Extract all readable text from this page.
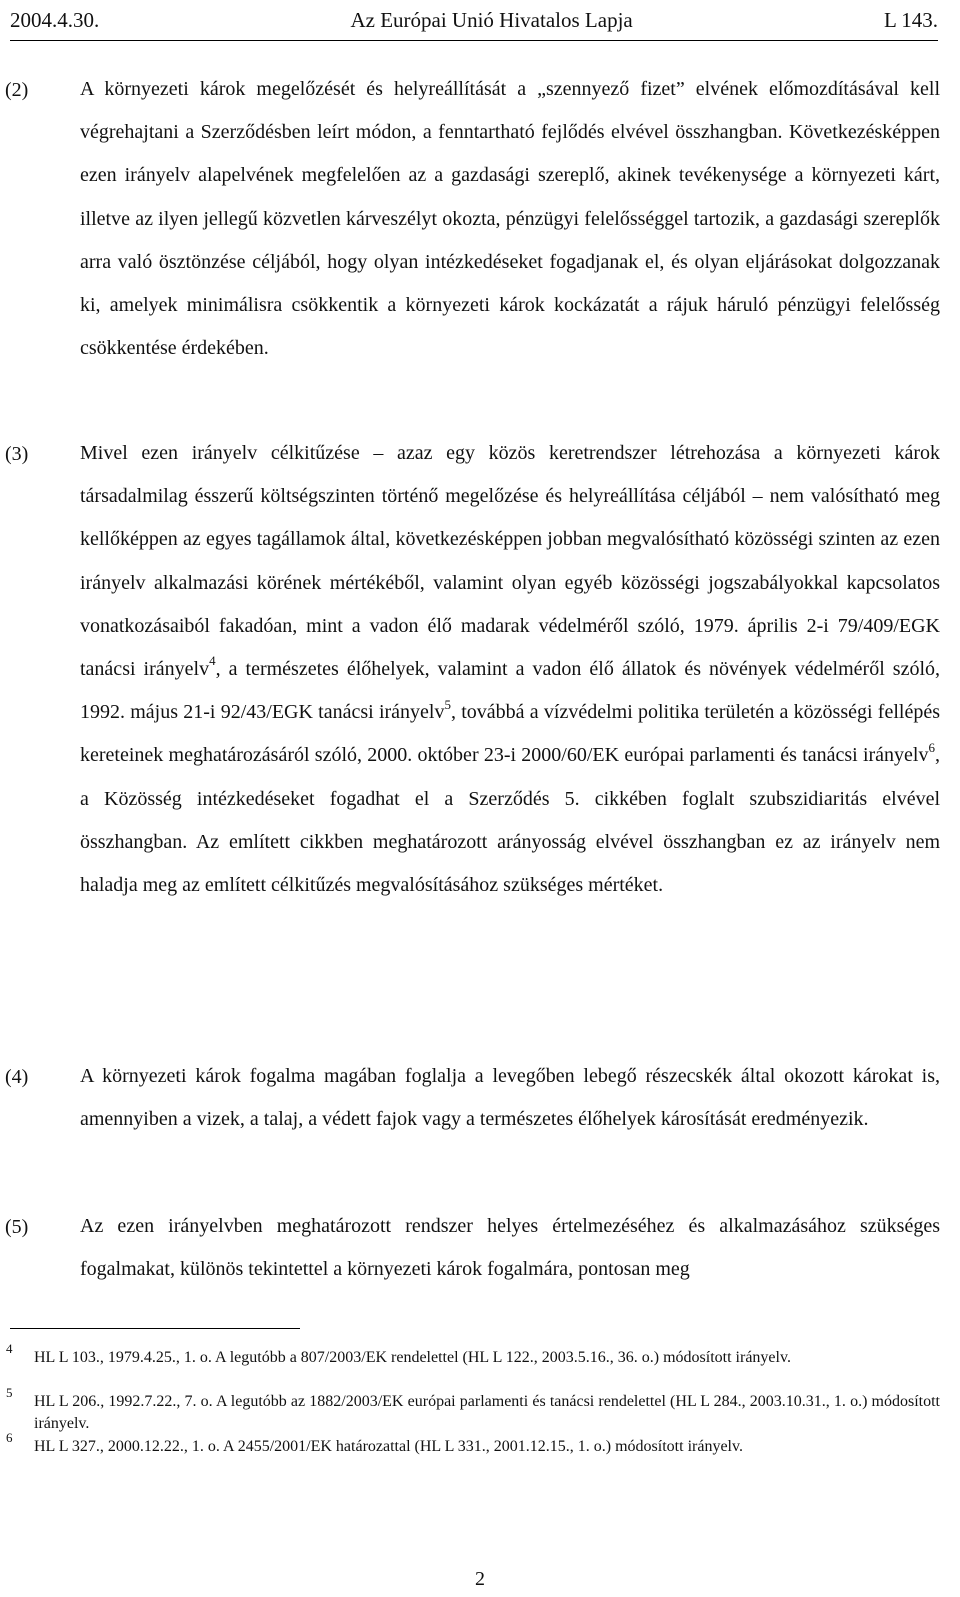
2004.4.30.	Az Európai Unió Hivatalos Lapja	L 143.
(2)	A környezeti károk megelőzését és helyreállítását a „szennyező fizet” elvének előmozdításával kell végrehajtani a Szerződésben leírt módon, a fenntartható fejlődés elvével összhangban. Következésképpen ezen irányelv alapelvének megfelelően az a gazdasági szereplő, akinek tevékenysége a környezeti kárt, illetve az ilyen jellegű közvetlen kárveszélyt okozta, pénzügyi felelősséggel tartozik, a gazdasági szereplők arra való ösztönzése céljából, hogy olyan intézkedéseket fogadjanak el, és olyan eljárásokat dolgozzanak ki, amelyek minimálisra csökkentik a környezeti károk kockázatát a rájuk háruló pénzügyi felelősség csökkentése érdekében.

(3)	Mivel ezen irányelv célkitűzése – azaz egy közös keretrendszer létrehozása a környezeti károk társadalmilag ésszerű költségszinten történő megelőzése és helyreállítása céljából – nem valósítható meg kellőképpen az egyes tagállamok által, következésképpen jobban megvalósítható közösségi szinten az ezen irányelv alkalmazási körének mértékéből, valamint olyan egyéb közösségi jogszabályokkal kapcsolatos vonatkozásaiból fakadóan, mint a vadon élő madarak védelméről szóló, 1979. április 2-i 79/409/EGK tanácsi irányelv$^4$, a természetes élőhelyek, valamint a vadon élő állatok és növények védelméről szóló, 1992. május 21-i 92/43/EGK tanácsi irányelv$^5$, továbbá a vízvédelmi politika területén a közösségi fellépés kereteinek meghatározásáról szóló, 2000. október 23-i 2000/60/EK európai parlamenti és tanácsi irányelv$^6$, a Közösség intézkedéseket fogadhat el a Szerződés 5. cikkében foglalt szubszidiaritás elvével összhangban. Az említett cikkben meghatározott arányosság elvével összhangban ez az irányelv nem haladja meg az említett célkitűzés megvalósításához szükséges mértéket.

(4)	A környezeti károk fogalma magában foglalja a levegőben lebegő részecskék által okozott károkat is, amennyiben a vizek, a talaj, a védett fajok vagy a természetes élőhelyek károsítását eredményezik.

(5)	Az ezen irányelvben meghatározott rendszer helyes értelmezéséhez és alkalmazásához szükséges fogalmakat, különös tekintettel a környezeti károk fogalmára, pontosan meg

4

HL L 103., 1979.4.25., 1. o. A legutóbb a 807/2003/EK rendelettel (HL L 122., 2003.5.16., 36. o.) módosított irányelv.

5

HL L 206., 1992.7.22., 7. o. A legutóbb az 1882/2003/EK európai parlamenti és tanácsi rendelettel (HL L 284., 2003.10.31., 1. o.) módosított irányelv.

6

HL L 327., 2000.12.22., 1. o. A 2455/2001/EK határozattal (HL L 331., 2001.12.15., 1. o.) módosított irányelv.

2
